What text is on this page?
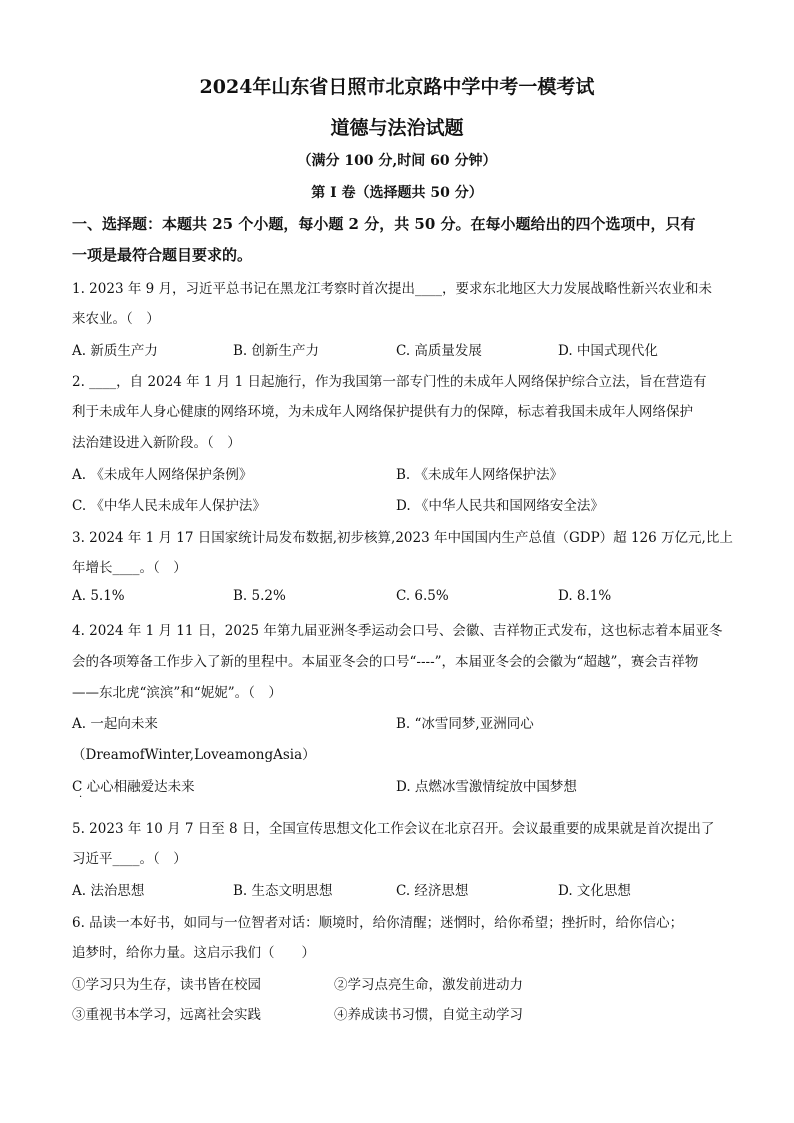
2024年山东省日照市北京路中学中考一模考试
道德与法治试题
（满分 100 分,时间 60 分钟）
第 I 卷（选择题共 50 分）
一、选择题：本题共 25 个小题，每小题 2 分，共 50 分。在每小题给出的四个选项中，只有
一项是最符合题目要求的。
1. 2023 年 9 月，习近平总书记在黑龙江考察时首次提出____，要求东北地区大力发展战略性新兴农业和未
来农业。（　）
A. 新质生产力	B. 创新生产力	C. 高质量发展	D. 中国式现代化
2. ____，自 2024 年 1 月 1 日起施行，作为我国第一部专门性的未成年人网络保护综合立法，旨在营造有
利于未成年人身心健康的网络环境，为未成年人网络保护提供有力的保障，标志着我国未成年人网络保护
法治建设进入新阶段。（　）
A. 《未成年人网络保护条例》	B. 《未成年人网络保护法》
C. 《中华人民未成年人保护法》	D. 《中华人民共和国网络安全法》
3. 2024 年 1 月 17 日国家统计局发布数据,初步核算,2023 年中国国内生产总值（GDP）超 126 万亿元,比上
年增长____。（　）
A. 5.1%	B. 5.2%	C. 6.5%	D. 8.1%
4. 2024 年 1 月 11 日，2025 年第九届亚洲冬季运动会口号、会徽、吉祥物正式发布，这也标志着本届亚冬
会的各项筹备工作步入了新的里程中。本届亚冬会的口号“----”，本届亚冬会的会徽为“超越”，赛会吉祥物
——东北虎“滨滨”和“妮妮”。（　）
A. 一起向未来	B. “冰雪同梦,亚洲同心
（DreamofWinter,LoveamongAsia）
C 心心相融爱达未来	D. 点燃冰雪激情绽放中国梦想
·
5. 2023 年 10 月 7 日至 8 日，全国宣传思想文化工作会议在北京召开。会议最重要的成果就是首次提出了
习近平____。（　）
A. 法治思想	B. 生态文明思想	C. 经济思想	D. 文化思想
6. 品读一本好书，如同与一位智者对话：顺境时，给你清醒；迷惘时，给你希望；挫折时，给你信心；
追梦时，给你力量。这启示我们（　　）
①学习只为生存，读书皆在校园	②学习点亮生命，激发前进动力
③重视书本学习，远离社会实践	④养成读书习惯，自觉主动学习
